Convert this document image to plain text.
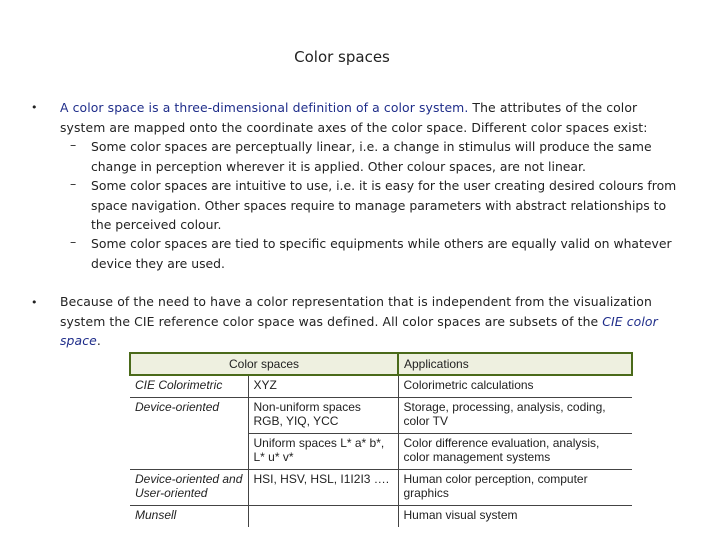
Color spaces
• A color space is a three-dimensional definition of a color system. The attributes of the color system are mapped onto the coordinate axes of the color space. Different color spaces exist:
– Some color spaces are perceptually linear, i.e. a change in stimulus will produce the same change in perception wherever it is applied. Other colour spaces, are not linear.
– Some color spaces are intuitive to use, i.e. it is easy for the user creating desired colours from space navigation. Other spaces require to manage parameters with abstract relationships to the perceived colour.
– Some color spaces are tied to specific equipments while others are equally valid on whatever device they are used.
• Because of the need to have a color representation that is independent from the visualization system the CIE reference color space was defined. All color spaces are subsets of the CIE color space.
Color spaces		Applications
CIE Colorimetric	XYZ	Colorimetric calculations
Device-oriented	Non-uniform spaces RGB, YIQ, YCC	Storage, processing, analysis, coding, color TV
	Uniform spaces L* a* b*, L* u* v*	Color difference evaluation, analysis, color management systems
Device-oriented and User-oriented	HSI, HSV, HSL, I1I2I3 ….	Human color perception, computer graphics
Munsell		Human visual system
